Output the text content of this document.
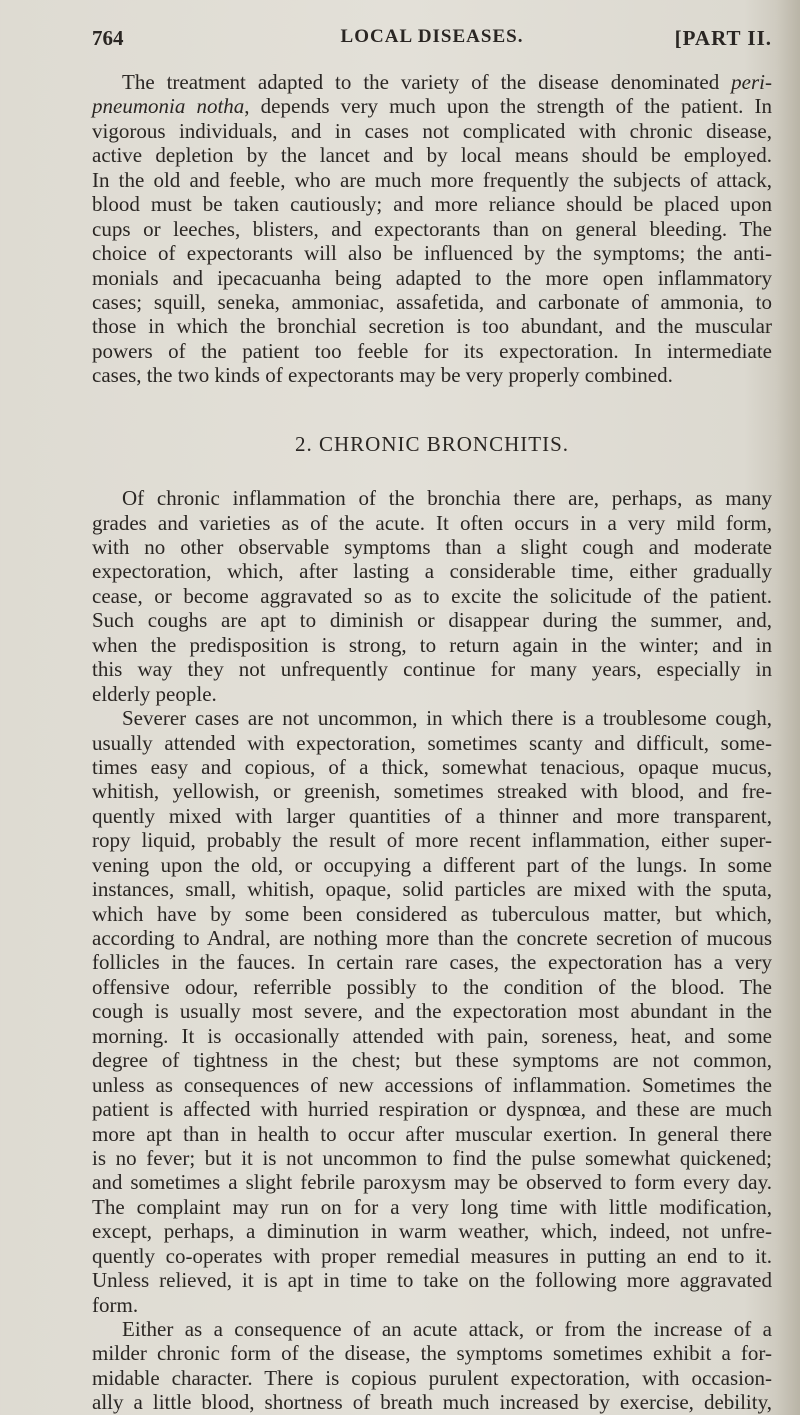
764	LOCAL DISEASES.	[PART II.
The treatment adapted to the variety of the disease denominated peri-
pneumonia notha, depends very much upon the strength of the patient. In
vigorous individuals, and in cases not complicated with chronic disease,
active depletion by the lancet and by local means should be employed.
In the old and feeble, who are much more frequently the subjects of attack,
blood must be taken cautiously; and more reliance should be placed upon
cups or leeches, blisters, and expectorants than on general bleeding. The
choice of expectorants will also be influenced by the symptoms; the anti-
monials and ipecacuanha being adapted to the more open inflammatory
cases; squill, seneka, ammoniac, assafetida, and carbonate of ammonia, to
those in which the bronchial secretion is too abundant, and the muscular
powers of the patient too feeble for its expectoration. In intermediate
cases, the two kinds of expectorants may be very properly combined.
2. CHRONIC BRONCHITIS.
Of chronic inflammation of the bronchia there are, perhaps, as many
grades and varieties as of the acute. It often occurs in a very mild form,
with no other observable symptoms than a slight cough and moderate
expectoration, which, after lasting a considerable time, either gradually
cease, or become aggravated so as to excite the solicitude of the patient.
Such coughs are apt to diminish or disappear during the summer, and,
when the predisposition is strong, to return again in the winter; and in
this way they not unfrequently continue for many years, especially in
elderly people.
Severer cases are not uncommon, in which there is a troublesome cough,
usually attended with expectoration, sometimes scanty and difficult, some-
times easy and copious, of a thick, somewhat tenacious, opaque mucus,
whitish, yellowish, or greenish, sometimes streaked with blood, and fre-
quently mixed with larger quantities of a thinner and more transparent,
ropy liquid, probably the result of more recent inflammation, either super-
vening upon the old, or occupying a different part of the lungs. In some
instances, small, whitish, opaque, solid particles are mixed with the sputa,
which have by some been considered as tuberculous matter, but which,
according to Andral, are nothing more than the concrete secretion of mucous
follicles in the fauces. In certain rare cases, the expectoration has a very
offensive odour, referrible possibly to the condition of the blood. The
cough is usually most severe, and the expectoration most abundant in the
morning. It is occasionally attended with pain, soreness, heat, and some
degree of tightness in the chest; but these symptoms are not common,
unless as consequences of new accessions of inflammation. Sometimes the
patient is affected with hurried respiration or dyspnœa, and these are much
more apt than in health to occur after muscular exertion. In general there
is no fever; but it is not uncommon to find the pulse somewhat quickened;
and sometimes a slight febrile paroxysm may be observed to form every day.
The complaint may run on for a very long time with little modification,
except, perhaps, a diminution in warm weather, which, indeed, not unfre-
quently co-operates with proper remedial measures in putting an end to it.
Unless relieved, it is apt in time to take on the following more aggravated
form.
Either as a consequence of an acute attack, or from the increase of a
milder chronic form of the disease, the symptoms sometimes exhibit a for-
midable character. There is copious purulent expectoration, with occasion-
ally a little blood, shortness of breath much increased by exercise, debility,
